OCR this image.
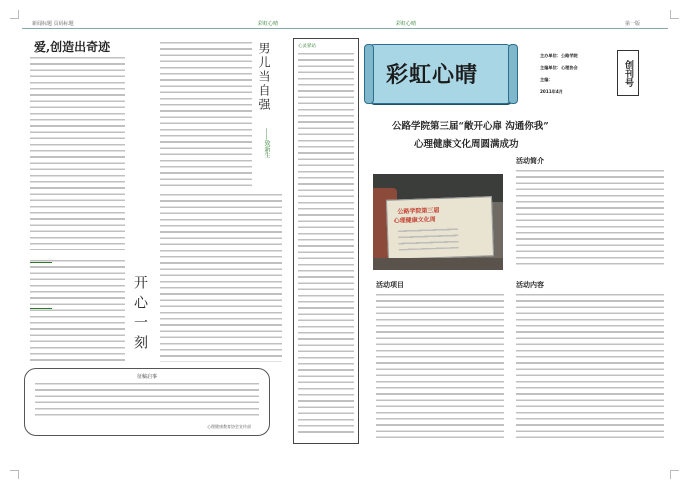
新闻标题 页码标题	彩虹心晴	彩虹心晴	第一版
爱,创造出奇迹
开心一刻
征稿启事
心理健康教育协会宣传部
男儿当自强
——致新生
心灵驿站
彩虹心晴
主办单位：公路学院
主编单位：心理协会
主编：
2011年4月
创刊号
公路学院第三届“敞开心扉 沟通你我”
心理健康文化周圆满成功
公路学院第三届
心理健康文化周
活动项目
活动简介
活动内容
